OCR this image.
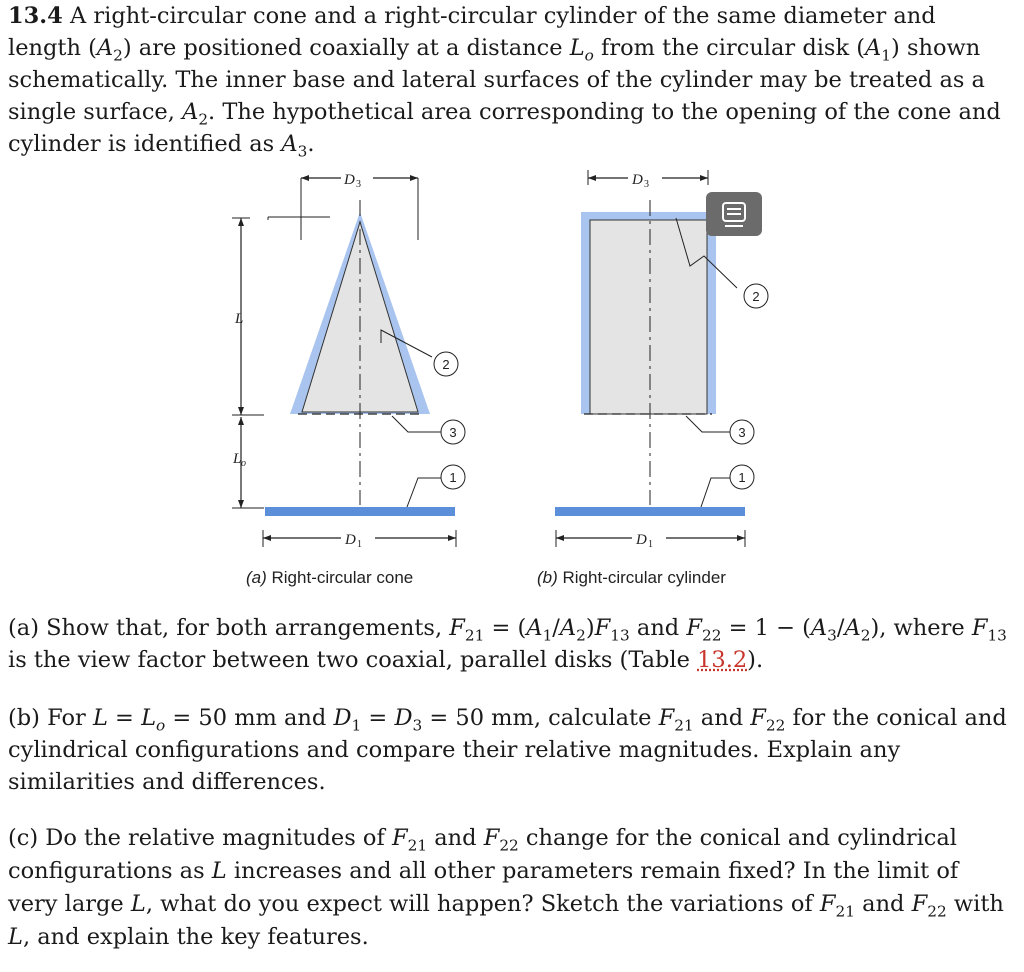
13.4 A right-circular cone and a right-circular cylinder of the same diameter and length $(A_2)$ are positioned coaxially at a distance $L_o$ from the circular disk $(A_1)$ shown schematically. The inner base and lateral surfaces of the cylinder may be treated as a single surface, $A_2$. The hypothetical area corresponding to the opening of the cone and cylinder is identified as $A_3$.

D 3
L
L o
2
3
1
D 1
(a) Right-circular cone
D 3
2
3
1
D 1
(b) Right-circular cylinder

(a) Show that, for both arrangements, $F_{21} = (A_1/A_2)F_{13}$ and $F_{22} = 1 - (A_3/A_2)$, where $F_{13}$ is the view factor between two coaxial, parallel disks (Table 13.2).

(b) For $L = L_o = 50$ mm and $D_1 = D_3 = 50$ mm, calculate $F_{21}$ and $F_{22}$ for the conical and cylindrical configurations and compare their relative magnitudes. Explain any similarities and differences.

(c) Do the relative magnitudes of $F_{21}$ and $F_{22}$ change for the conical and cylindrical configurations as L increases and all other parameters remain fixed? In the limit of very large L, what do you expect will happen? Sketch the variations of $F_{21}$ and $F_{22}$ with L, and explain the key features.
